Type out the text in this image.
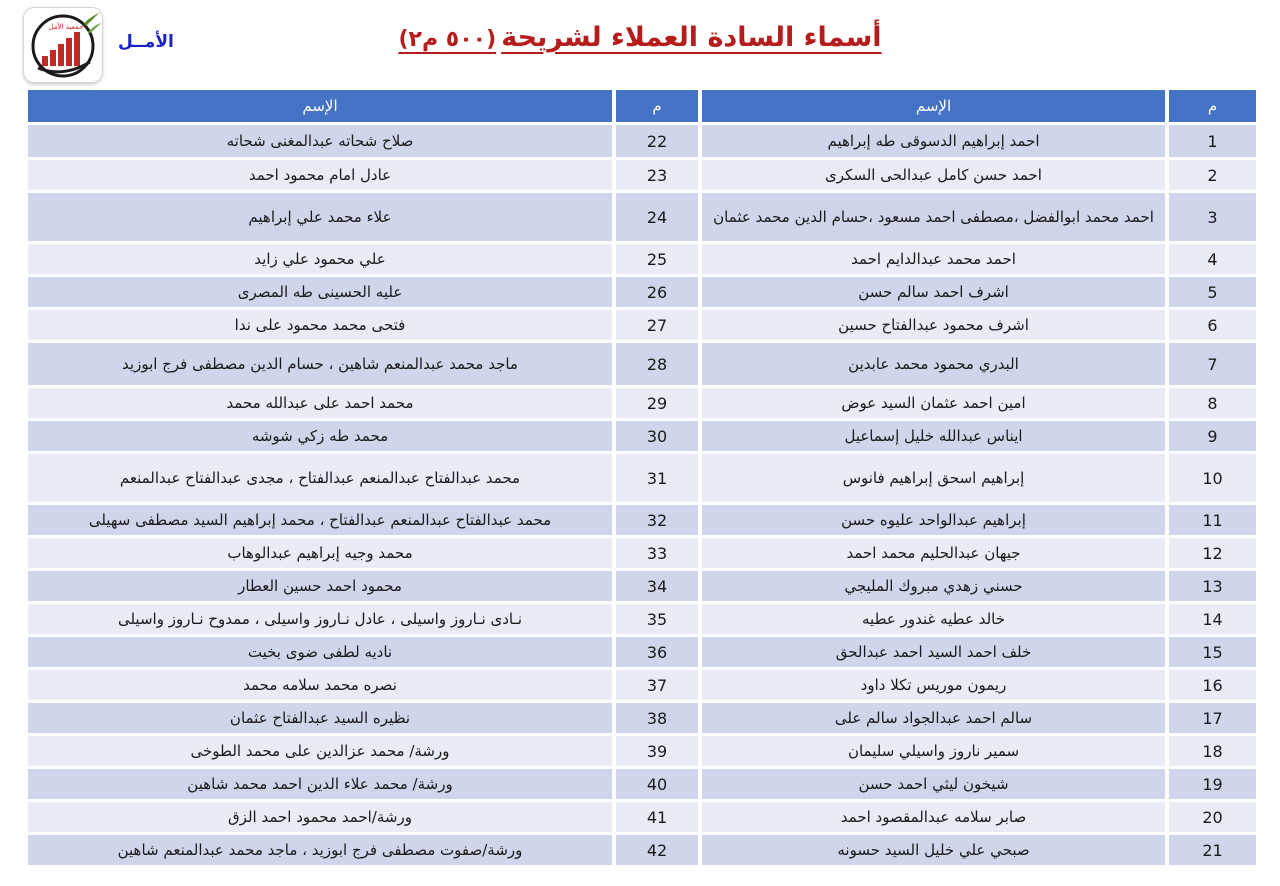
جمعية الأمل
الأمــل	أسماء السادة العملاء لشريحة (٥٠٠ م٢)
م	الإسم	م	الإسم
1	احمد إبراهيم الدسوقى طه إبراهيم	22	صلاح شحاته عبدالمغنى شحاته
2	احمد حسن كامل عبدالحى السكرى	23	عادل امام محمود احمد
3	احمد محمد ابوالفضل ،مصطفى احمد مسعود ،حسام الدين محمد عثمان	24	علاء محمد علي إبراهيم
4	احمد محمد عبدالدايم احمد	25	علي محمود علي زايد
5	اشرف احمد سالم حسن	26	عليه الحسينى طه المصرى
6	اشرف محمود عبدالفتاح حسين	27	فتحى محمد محمود على ندا
7	البدري محمود محمد عابدين	28	ماجد محمد عبدالمنعم شاهين ، حسام الدين مصطفى فرج ابوزيد
8	امين احمد عثمان السيد عوض	29	محمد احمد على عبدالله محمد
9	ايناس عبدالله خليل إسماعيل	30	محمد طه زكي شوشه
10	إبراهيم اسحق إبراهيم فانوس	31	محمد عبدالفتاح عبدالمنعم عبدالفتاح ، مجدى عبدالفتاح عبدالمنعم
11	إبراهيم عبدالواحد عليوه حسن	32	محمد عبدالفتاح عبدالمنعم عبدالفتاح ، محمد إبراهيم السيد مصطفى سهيلى
12	جيهان عبدالحليم محمد احمد	33	محمد وجيه إبراهيم عبدالوهاب
13	حسني زهدي مبروك المليجي	34	محمود احمد حسين العطار
14	خالد عطيه غندور عطيه	35	نـادى نـاروز واسيلى ، عادل نـاروز واسيلى ، ممدوح نـاروز واسيلى
15	خلف احمد السيد احمد عبدالحق	36	ناديه لطفى ضوى بخيت
16	ريمون موريس تكلا داود	37	نصره محمد سلامه محمد
17	سالم احمد عبدالجواد سالم على	38	نظيره السيد عبدالفتاح عثمان
18	سمير ناروز واسيلي سليمان	39	ورشة/ محمد عزالدين على محمد الطوخى
19	شيخون ليثي احمد حسن	40	ورشة/ محمد علاء الدين احمد محمد شاهين
20	صابر سلامه عبدالمقصود احمد	41	ورشة/احمد محمود احمد الزق
21	صبحي علي خليل السيد حسونه	42	ورشة/صفوت مصطفى فرج ابوزيد ، ماجد محمد عبدالمنعم شاهين
